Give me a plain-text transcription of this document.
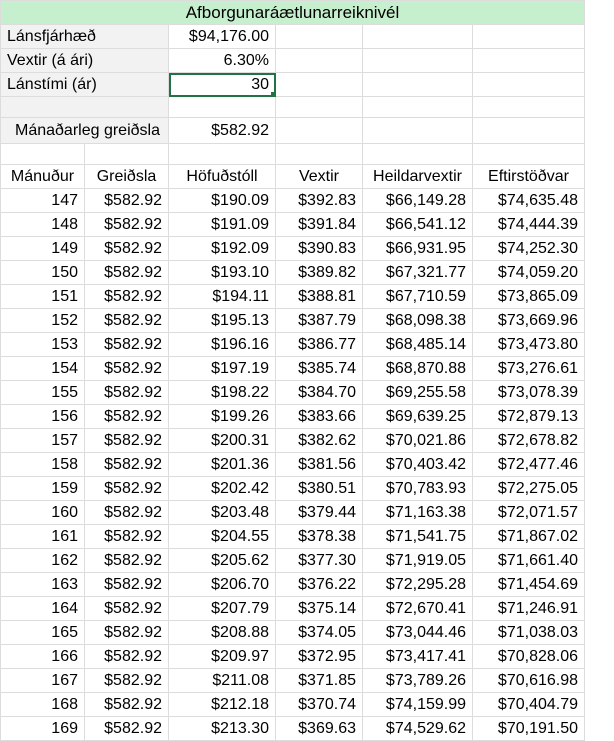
Afborgunaráætlunarreiknivél					
Lánsfjárhæð		$94,176.00			
Vextir (á ári)		6.30%			
Lánstími (ár)		30

Mánaðarleg greiðsla		$582.92			

Mánuður	Greiðsla	Höfuðstóll	Vextir	Heildarvextir	Eftirstöðvar
147	$582.92	$190.09	$392.83	$66,149.28	$74,635.48
148	$582.92	$191.09	$391.84	$66,541.12	$74,444.39
149	$582.92	$192.09	$390.83	$66,931.95	$74,252.30
150	$582.92	$193.10	$389.82	$67,321.77	$74,059.20
151	$582.92	$194.11	$388.81	$67,710.59	$73,865.09
152	$582.92	$195.13	$387.79	$68,098.38	$73,669.96
153	$582.92	$196.16	$386.77	$68,485.14	$73,473.80
154	$582.92	$197.19	$385.74	$68,870.88	$73,276.61
155	$582.92	$198.22	$384.70	$69,255.58	$73,078.39
156	$582.92	$199.26	$383.66	$69,639.25	$72,879.13
157	$582.92	$200.31	$382.62	$70,021.86	$72,678.82
158	$582.92	$201.36	$381.56	$70,403.42	$72,477.46
159	$582.92	$202.42	$380.51	$70,783.93	$72,275.05
160	$582.92	$203.48	$379.44	$71,163.38	$72,071.57
161	$582.92	$204.55	$378.38	$71,541.75	$71,867.02
162	$582.92	$205.62	$377.30	$71,919.05	$71,661.40
163	$582.92	$206.70	$376.22	$72,295.28	$71,454.69
164	$582.92	$207.79	$375.14	$72,670.41	$71,246.91
165	$582.92	$208.88	$374.05	$73,044.46	$71,038.03
166	$582.92	$209.97	$372.95	$73,417.41	$70,828.06
167	$582.92	$211.08	$371.85	$73,789.26	$70,616.98
168	$582.92	$212.18	$370.74	$74,159.99	$70,404.79
169	$582.92	$213.30	$369.63	$74,529.62	$70,191.50
